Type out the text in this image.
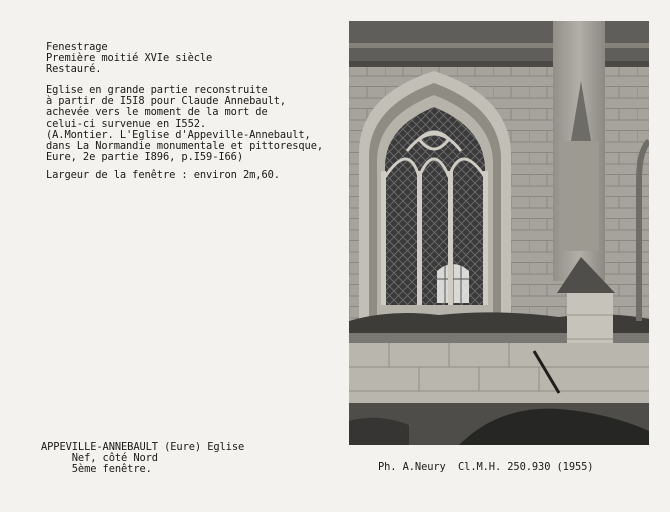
Fenestrage
Première moitié XVIe siècle
Restauré.
Eglise en grande partie reconstruite
à partir de I5I8 pour Claude Annebault,
achevée vers le moment de la mort de
celui-ci survenue en I552.
(A.Montier. L'Eglise d'Appeville-Annebault,
dans La Normandie monumentale et pittoresque,
Eure, 2e partie I896, p.I59-I66)
Largeur de la fenêtre : environ 2m,60.
APPEVILLE-ANNEBAULT (Eure) Eglise
Nef, côté Nord
5ème fenêtre.	Ph. A.Neury  Cl.M.H. 250.930 (1955)
